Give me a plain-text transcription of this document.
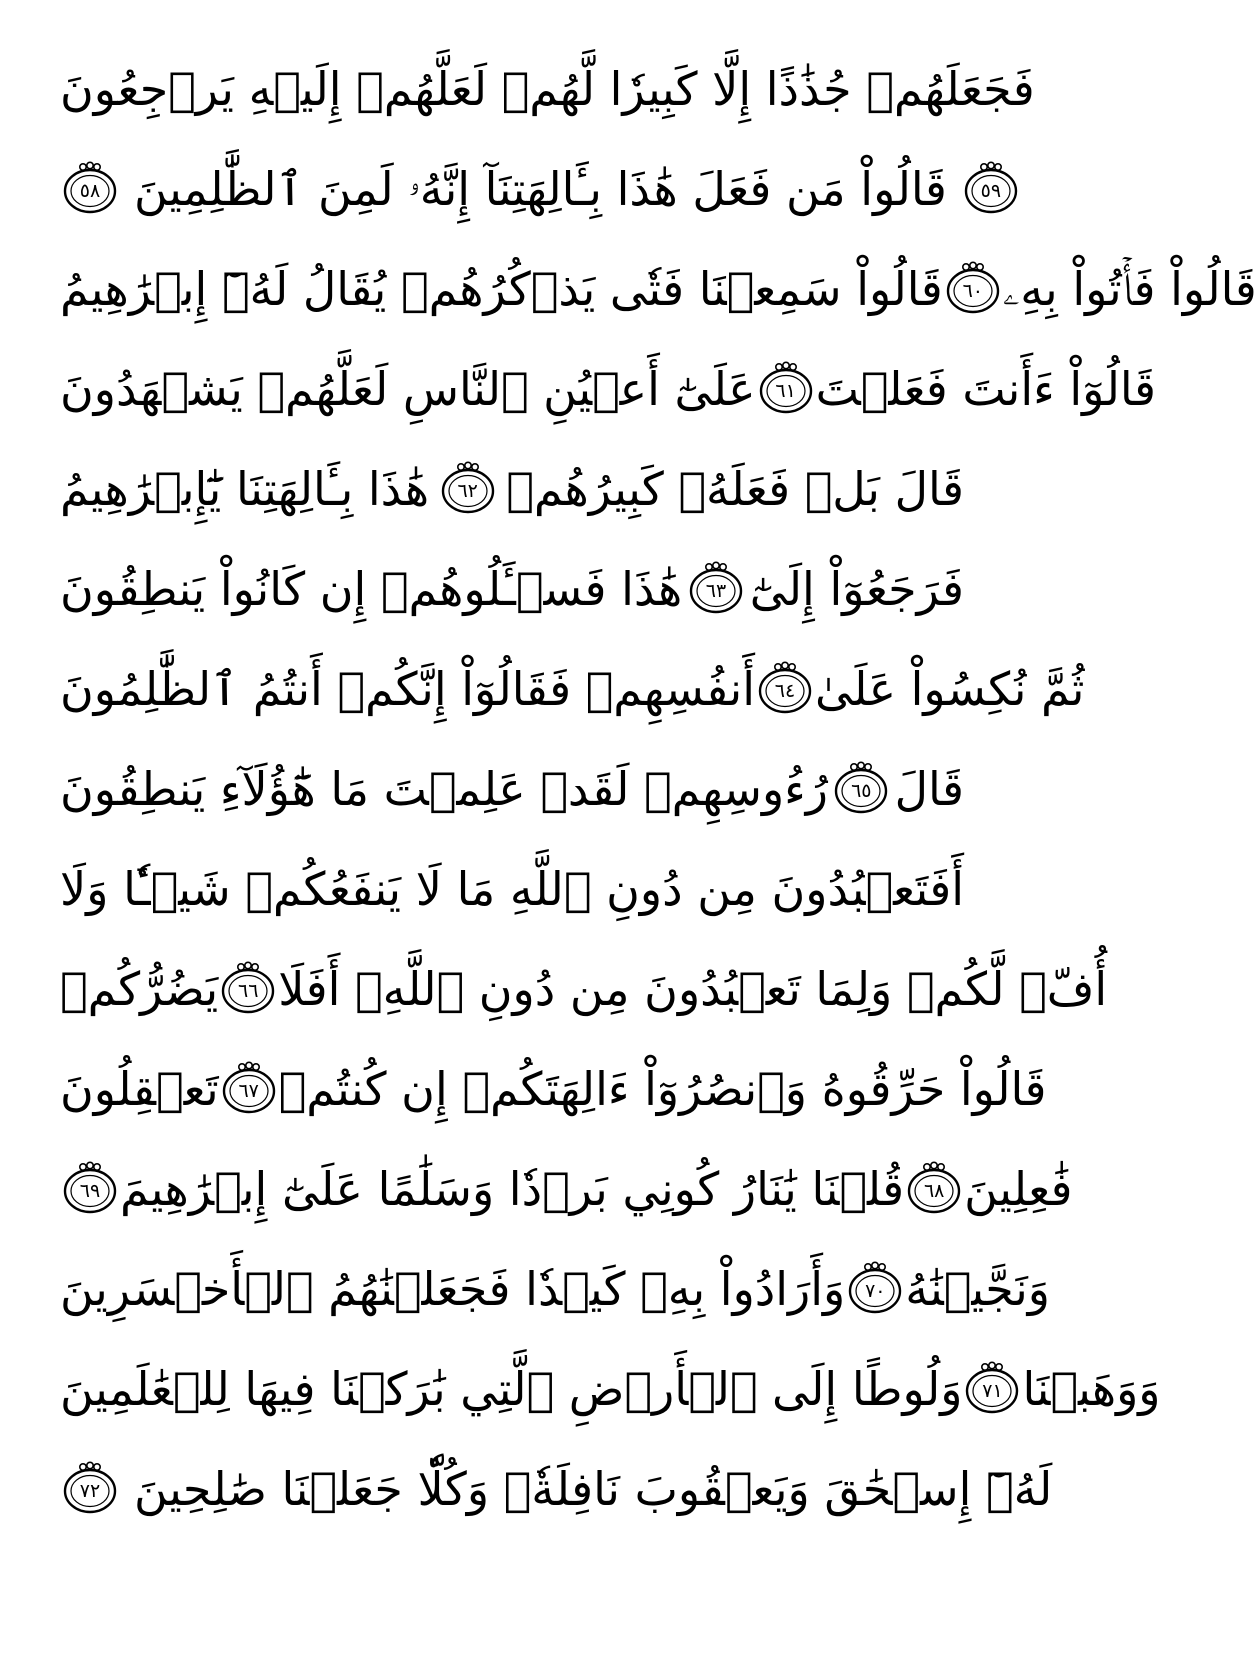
فَجَعَلَهُمۡ جُذَٰذًا إِلَّا كَبِيرٗا لَّهُمۡ لَعَلَّهُمۡ إِلَيۡهِ يَرۡجِعُونَ
٥٨ قَالُواْ مَن فَعَلَ هَٰذَا بِـَٔالِهَتِنَآ إِنَّهُۥ لَمِنَ ٱلظَّٰلِمِينَ	٥٩
قَالُواْ سَمِعۡنَا فَتٗى يَذۡكُرُهُمۡ يُقَالُ لَهُۥٓ إِبۡرَٰهِيمُ ٦٠ قَالُواْ فَأۡتُواْ بِهِۦ
عَلَىٰٓ أَعۡيُنِ ٱلنَّاسِ لَعَلَّهُمۡ يَشۡهَدُونَ ٦١ قَالُوٓاْ ءَأَنتَ فَعَلۡتَ
هَٰذَا بِـَٔالِهَتِنَا يَٰٓإِبۡرَٰهِيمُ ٦٢ قَالَ بَلۡ فَعَلَهُۥ كَبِيرُهُمۡ
هَٰذَا فَسۡـَٔلُوهُمۡ إِن كَانُواْ يَنطِقُونَ ٦٣ فَرَجَعُوٓاْ إِلَىٰٓ
أَنفُسِهِمۡ فَقَالُوٓاْ إِنَّكُمۡ أَنتُمُ ٱلظَّٰلِمُونَ ٦٤ ثُمَّ نُكِسُواْ عَلَىٰ
رُءُوسِهِمۡ لَقَدۡ عَلِمۡتَ مَا هَٰٓؤُلَآءِ يَنطِقُونَ ٦٥ قَالَ
أَفَتَعۡبُدُونَ مِن دُونِ ٱللَّهِ مَا لَا يَنفَعُكُمۡ شَيۡـٔٗا وَلَا
يَضُرُّكُمۡ ٦٦ أُفّٖ لَّكُمۡ وَلِمَا تَعۡبُدُونَ مِن دُونِ ٱللَّهِۚ أَفَلَا
تَعۡقِلُونَ ٦٧ قَالُواْ حَرِّقُوهُ وَٱنصُرُوٓاْ ءَالِهَتَكُمۡ إِن كُنتُمۡ
٦٩ قُلۡنَا يَٰنَارُ كُونِي بَرۡدٗا وَسَلَٰمًا عَلَىٰٓ إِبۡرَٰهِيمَ ٦٨ فَٰعِلِينَ
وَأَرَادُواْ بِهِۦ كَيۡدٗا فَجَعَلۡنَٰهُمُ ٱلۡأَخۡسَرِينَ ٧٠ وَنَجَّيۡنَٰهُ
وَلُوطًا إِلَى ٱلۡأَرۡضِ ٱلَّتِي بَٰرَكۡنَا فِيهَا لِلۡعَٰلَمِينَ ٧١ وَوَهَبۡنَا
٧٢ لَهُۥٓ إِسۡحَٰقَ وَيَعۡقُوبَ نَافِلَةٗۖ وَكُلّٗا جَعَلۡنَا صَٰلِحِينَ
